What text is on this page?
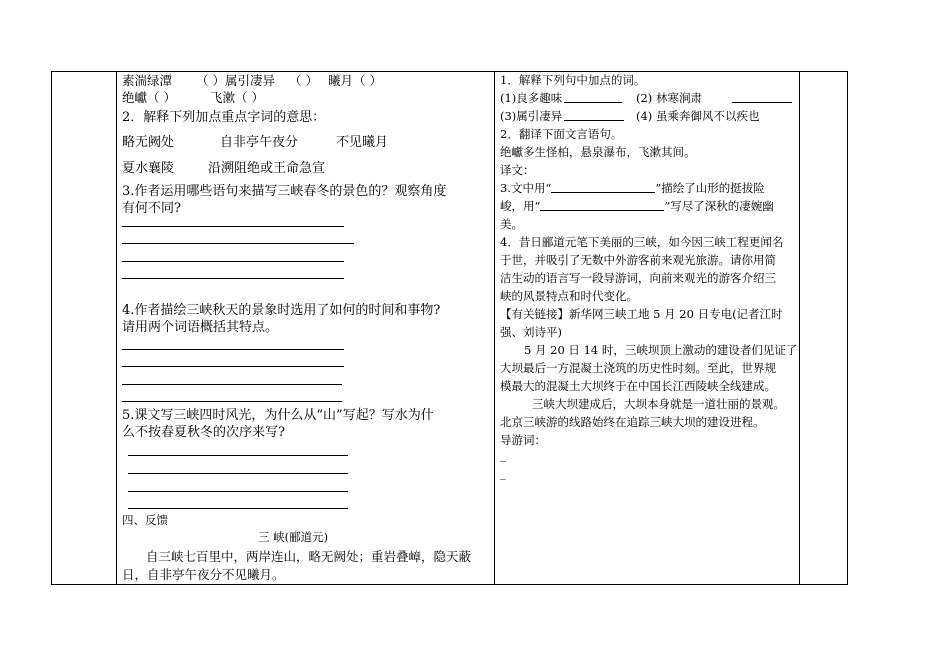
素湍绿潭 （ ）属引凄异 （ ） 曦月（ ）
绝巘（ ）	飞漱（ ）
2．解释下列加点重点字词的意思：
略无阙处	自非亭午夜分	不见曦月
夏水襄陵	沿溯阻绝或王命急宣
3.作者运用哪些语句来描写三峡春冬的景色的？观察角度
有何不同?
4.作者描绘三峡秋天的景象时选用了如何的时间和事物?
请用两个词语概括其特点。
5.课文写三峡四时风光，为什么从“山”写起？写水为什
么不按春夏秋冬的次序来写?
四、反馈
三 峡(郦道元)
自三峡七百里中，两岸连山，略无阙处；重岩叠嶂，隐天蔽
日，自非亭午夜分不见曦月。
1．解释下列句中加点的词。
(1)良多趣味	(2) 林寒涧肃
(3)属引凄异	(4) 虽乘奔御风不以疾也
2．翻译下面文言语句。
绝巘多生怪柏，悬泉瀑布，飞漱其间。
译文：
3.文中用“	”描绘了山形的挺拔险
峻，用“	”写尽了深秋的凄婉幽
美。
4．昔日郦道元笔下美丽的三峡，如今因三峡工程更闻名
于世，并吸引了无数中外游客前来观光旅游。请你用简
洁生动的语言写一段导游词，向前来观光的游客介绍三
峡的风景特点和时代变化。
【有关链接】新华网三峡工地 5 月 20 日专电(记者江时
强、刘诗平)
5 月 20 日 14 时，三峡坝顶上激动的建设者们见证了
大坝最后一方混凝土浇筑的历史性时刻。至此，世界规
模最大的混凝土大坝终于在中国长江西陵峡全线建成。
三峡大坝建成后，大坝本身就是一道壮丽的景观。
北京三峡游的线路始终在追踪三峡大坝的建设进程。
导游词：
_
_
